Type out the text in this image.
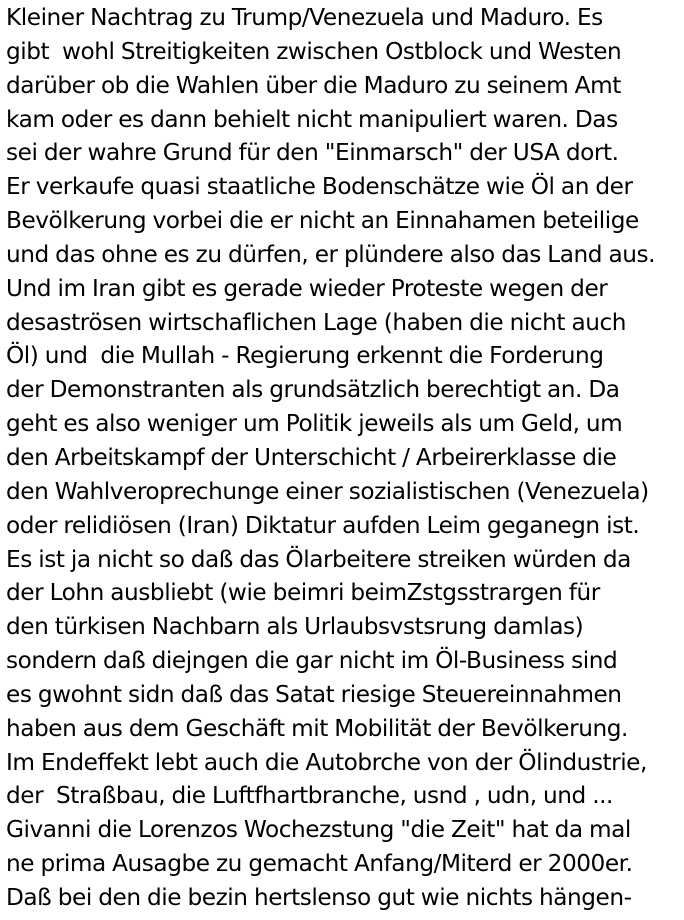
Kleiner Nachtrag zu Trump/Venezuela und Maduro. Es
gibt  wohl Streitigkeiten zwischen Ostblock und Westen
darüber ob die Wahlen über die Maduro zu seinem Amt
kam oder es dann behielt nicht manipuliert waren. Das
sei der wahre Grund für den "Einmarsch" der USA dort.
Er verkaufe quasi staatliche Bodenschätze wie Öl an der
Bevölkerung vorbei die er nicht an Einnahamen beteilige
und das ohne es zu dürfen, er plündere also das Land aus.
Und im Iran gibt es gerade wieder Proteste wegen der
desaströsen wirtschaflichen Lage (haben die nicht auch
Öl) und  die Mullah - Regierung erkennt die Forderung
der Demonstranten als grundsätzlich berechtigt an. Da
geht es also weniger um Politik jeweils als um Geld, um
den Arbeitskampf der Unterschicht / Arbeirerklasse die
den Wahlveroprechunge einer sozialistischen (Venezuela)
oder relidiösen (Iran) Diktatur aufden Leim geganegn ist.
Es ist ja nicht so daß das Ölarbeitere streiken würden da
der Lohn ausbliebt (wie beimri beimZstgsstrargen für
den türkisen Nachbarn als Urlaubsvstsrung damlas)
sondern daß diejngen die gar nicht im Öl-Business sind
es gwohnt sidn daß das Satat riesige Steuereinnahmen
haben aus dem Geschäft mit Mobilität der Bevölkerung.
Im Endeffekt lebt auch die Autobrche von der Ölindustrie,
der  Straßbau, die Luftfhartbranche, usnd , udn, und ...
Givanni die Lorenzos Wochezstung "die Zeit" hat da mal
ne prima Ausagbe zu gemacht Anfang/Miterd er 2000er.
Daß bei den die bezin hertslenso gut wie nichts hängen-
